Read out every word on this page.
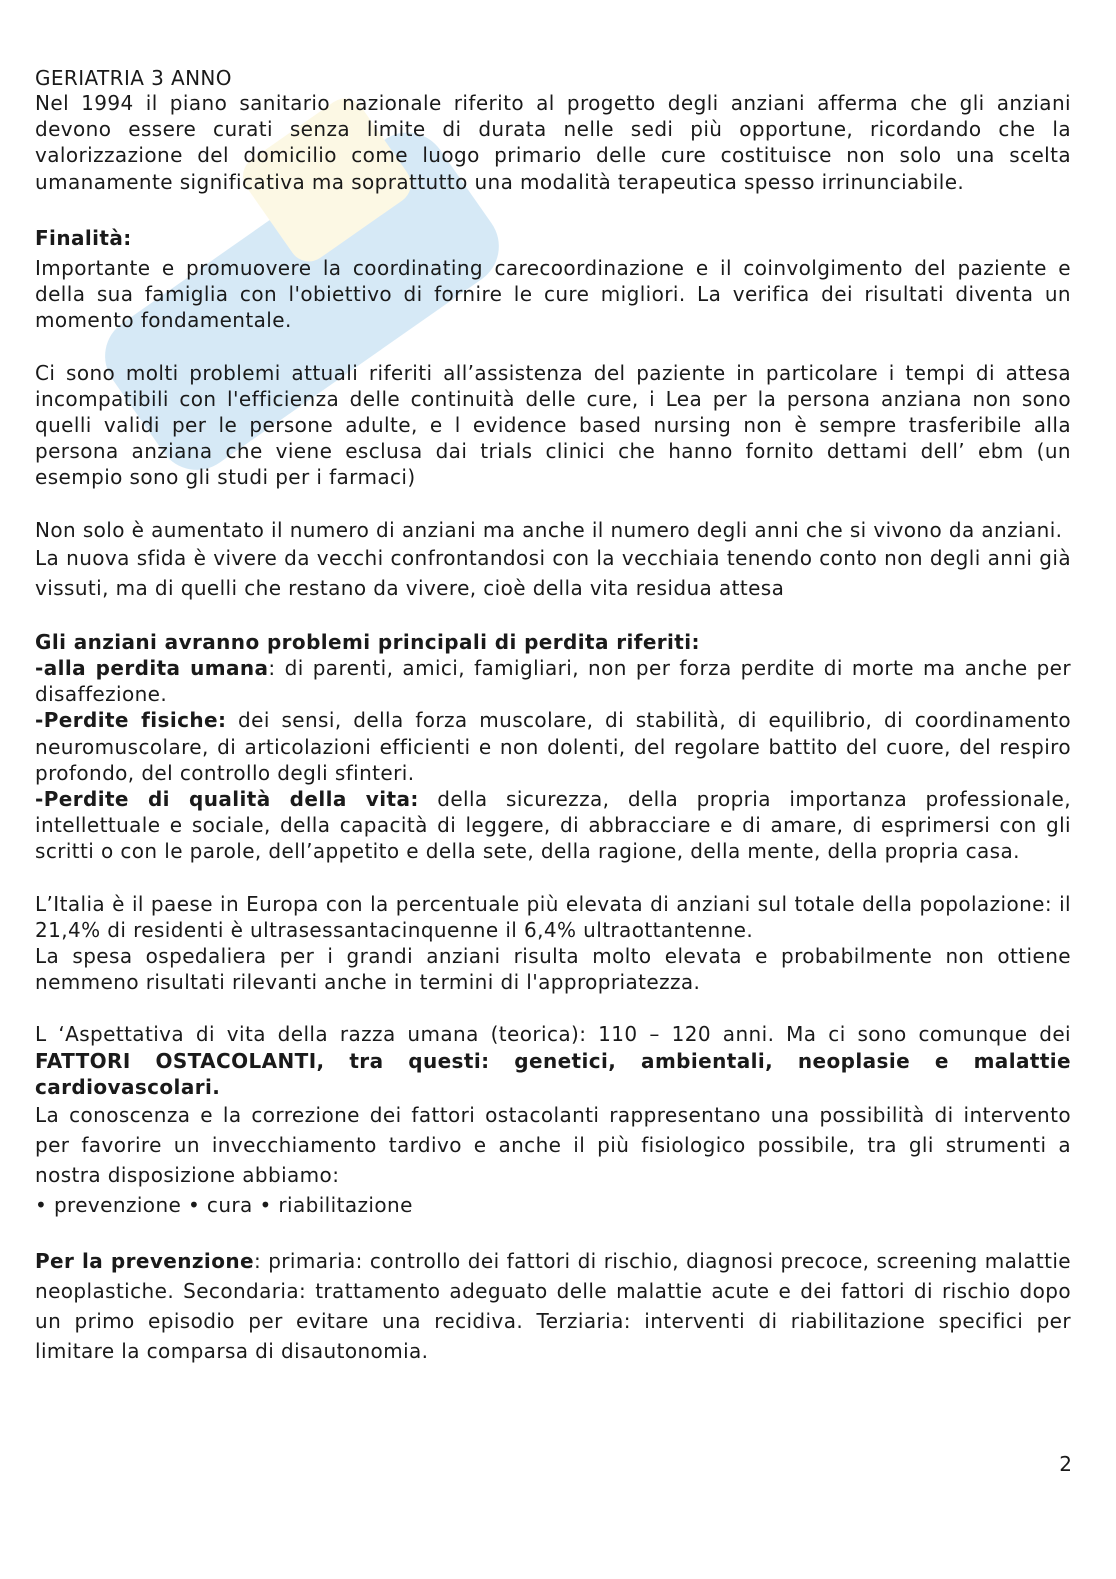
GERIATRIA 3 ANNO

Nel 1994 il piano sanitario nazionale riferito al progetto degli anziani afferma che gli anziani devono essere curati senza limite di durata nelle sedi più opportune, ricordando che la valorizzazione del domicilio come luogo primario delle cure costituisce non solo una scelta umanamente significativa ma soprattutto una modalità terapeutica spesso irrinunciabile.

Finalità:

Importante e promuovere la coordinating carecoordinazione e il coinvolgimento del paziente e della sua famiglia con l'obiettivo di fornire le cure migliori. La verifica dei risultati diventa un momento fondamentale.

Ci sono molti problemi attuali riferiti all’assistenza del paziente in particolare i tempi di attesa incompatibili con l'efficienza delle continuità delle cure, i Lea per la persona anziana non sono quelli validi per le persone adulte, e l evidence based nursing non è sempre trasferibile alla persona anziana che viene esclusa dai trials clinici che hanno fornito dettami dell’ ebm (un esempio sono gli studi per i farmaci)

Non solo è aumentato il numero di anziani ma anche il numero degli anni che si vivono da anziani.

La nuova sfida è vivere da vecchi confrontandosi con la vecchiaia tenendo conto non degli anni già vissuti, ma di quelli che restano da vivere, cioè della vita residua attesa

Gli anziani avranno problemi principali di perdita riferiti:

-alla perdita umana: di parenti, amici, famigliari, non per forza perdite di morte ma anche per disaffezione.

-Perdite fisiche: dei sensi, della forza muscolare, di stabilità, di equilibrio, di coordinamento neuromuscolare, di articolazioni efficienti e non dolenti, del regolare battito del cuore, del respiro profondo, del controllo degli sfinteri.

-Perdite di qualità della vita: della sicurezza, della propria importanza professionale, intellettuale e sociale, della capacità di leggere, di abbracciare e di amare, di esprimersi con gli scritti o con le parole, dell’appetito e della sete, della ragione, della mente, della propria casa.

L’Italia è il paese in Europa con la percentuale più elevata di anziani sul totale della popolazione: il 21,4% di residenti è ultrasessantacinquenne il 6,4% ultraottantenne.

La spesa ospedaliera per i grandi anziani risulta molto elevata e probabilmente non ottiene nemmeno risultati rilevanti anche in termini di l'appropriatezza.

L ‘Aspettativa di vita della razza umana (teorica): 110 – 120 anni. Ma ci sono comunque dei FATTORI OSTACOLANTI, tra questi: genetici, ambientali, neoplasie e malattie cardiovascolari.

La conoscenza e la correzione dei fattori ostacolanti rappresentano una possibilità di intervento per favorire un invecchiamento tardivo e anche il più fisiologico possibile, tra gli strumenti a nostra disposizione abbiamo:

• prevenzione • cura • riabilitazione

Per la prevenzione: primaria: controllo dei fattori di rischio, diagnosi precoce, screening malattie neoplastiche. Secondaria: trattamento adeguato delle malattie acute e dei fattori di rischio dopo un primo episodio per evitare una recidiva. Terziaria: interventi di riabilitazione specifici per limitare la comparsa di disautonomia.

2
